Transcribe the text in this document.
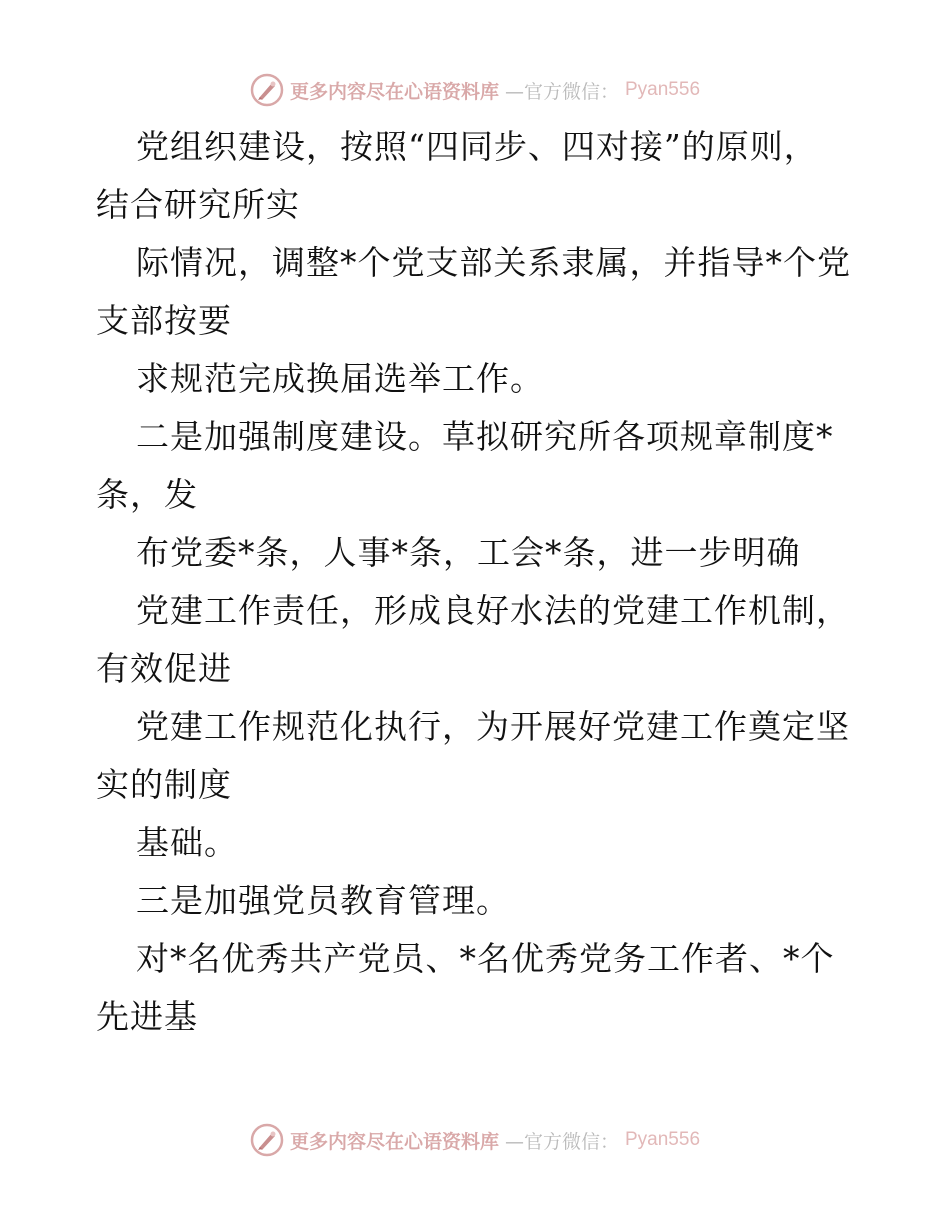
更多内容尽在心语资料库 —官方微信： Pyan556
党组织建设，按照“四同步、四对接”的原则，
结合研究所实
际情况，调整*个党支部关系隶属，并指导*个党
支部按要
求规范完成换届选举工作。
二是加强制度建设。草拟研究所各项规章制度*
条，发
布党委*条，人事*条，工会*条，进一步明确
党建工作责任，形成良好水法的党建工作机制，
有效促进
党建工作规范化执行，为开展好党建工作奠定坚
实的制度
基础。
三是加强党员教育管理。
对*名优秀共产党员、*名优秀党务工作者、*个
先进基
更多内容尽在心语资料库 —官方微信： Pyan556
